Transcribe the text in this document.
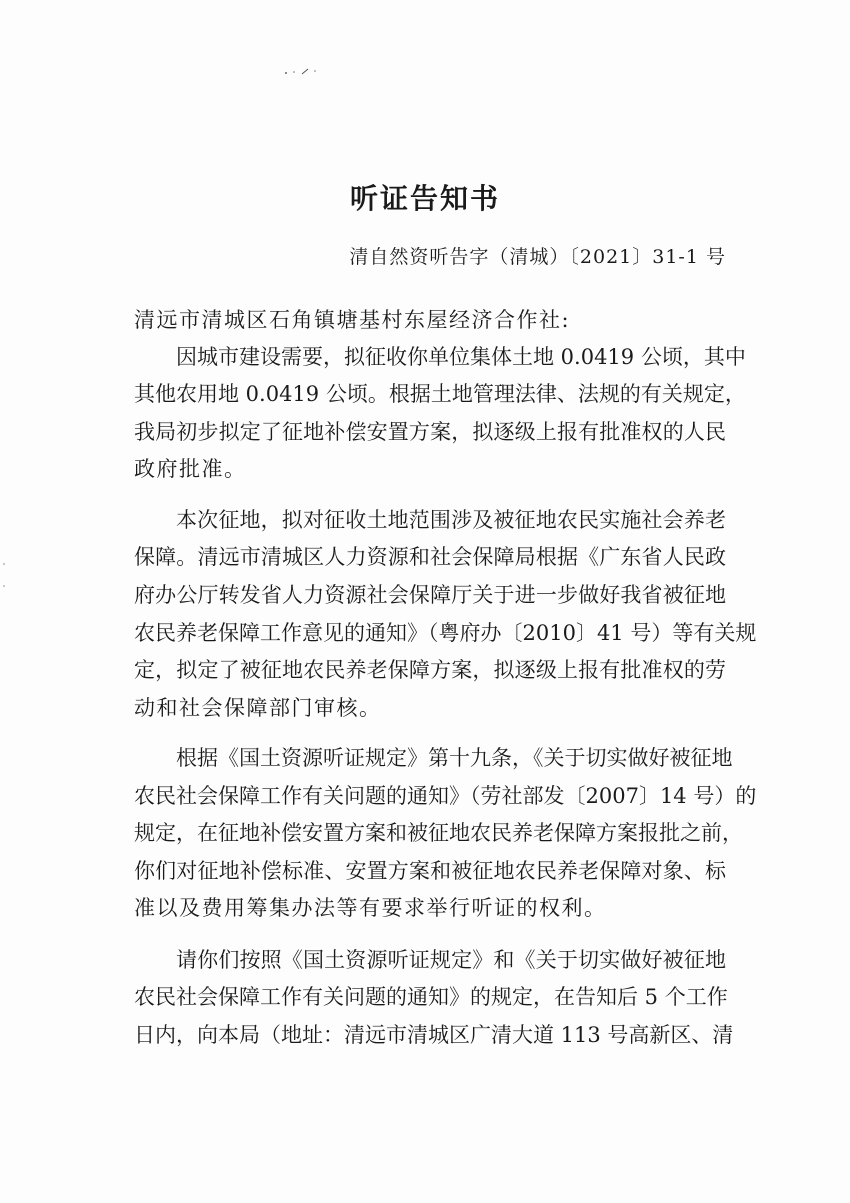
听证告知书
清自然资听告字（清城）〔2021〕31-1 号
清远市清城区石角镇塘基村东屋经济合作社:
因城市建设需要，拟征收你单位集体土地 0.0419 公顷，其中
其他农用地 0.0419 公顷。根据土地管理法律、法规的有关规定，
我局初步拟定了征地补偿安置方案，拟逐级上报有批准权的人民
政府批准。
本次征地，拟对征收土地范围涉及被征地农民实施社会养老
保障。清远市清城区人力资源和社会保障局根据《广东省人民政
府办公厅转发省人力资源社会保障厅关于进一步做好我省被征地
农民养老保障工作意见的通知》（粤府办〔2010〕41 号）等有关规
定，拟定了被征地农民养老保障方案，拟逐级上报有批准权的劳
动和社会保障部门审核。
根据《国土资源听证规定》第十九条，《关于切实做好被征地
农民社会保障工作有关问题的通知》（劳社部发〔2007〕14 号）的
规定，在征地补偿安置方案和被征地农民养老保障方案报批之前，
你们对征地补偿标准、安置方案和被征地农民养老保障对象、标
准以及费用筹集办法等有要求举行听证的权利。
请你们按照《国土资源听证规定》和《关于切实做好被征地
农民社会保障工作有关问题的通知》的规定，在告知后 5 个工作
日内，向本局（地址：清远市清城区广清大道 113 号高新区、清
